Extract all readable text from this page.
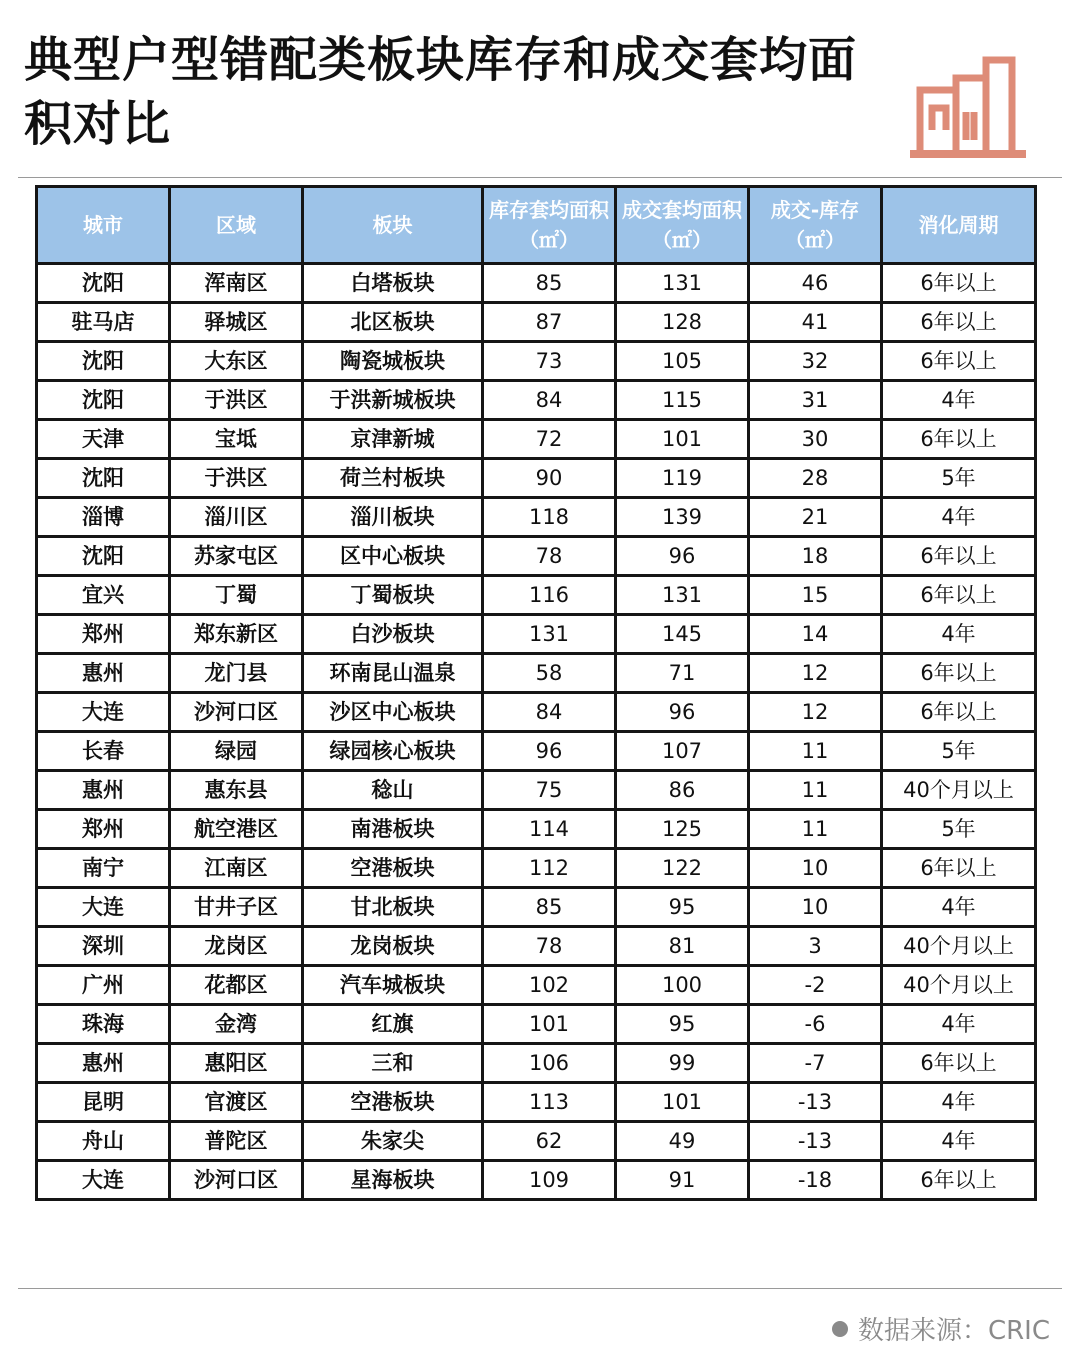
典型户型错配类板块库存和成交套均面积对比
城市	区域	板块	库存套均面积（㎡）	成交套均面积（㎡）	成交-库存（㎡）	消化周期
沈阳	浑南区	白塔板块	85	131	46	6年以上
驻马店	驿城区	北区板块	87	128	41	6年以上
沈阳	大东区	陶瓷城板块	73	105	32	6年以上
沈阳	于洪区	于洪新城板块	84	115	31	4年
天津	宝坻	京津新城	72	101	30	6年以上
沈阳	于洪区	荷兰村板块	90	119	28	5年
淄博	淄川区	淄川板块	118	139	21	4年
沈阳	苏家屯区	区中心板块	78	96	18	6年以上
宜兴	丁蜀	丁蜀板块	116	131	15	6年以上
郑州	郑东新区	白沙板块	131	145	14	4年
惠州	龙门县	环南昆山温泉	58	71	12	6年以上
大连	沙河口区	沙区中心板块	84	96	12	6年以上
长春	绿园	绿园核心板块	96	107	11	5年
惠州	惠东县	稔山	75	86	11	40个月以上
郑州	航空港区	南港板块	114	125	11	5年
南宁	江南区	空港板块	112	122	10	6年以上
大连	甘井子区	甘北板块	85	95	10	4年
深圳	龙岗区	龙岗板块	78	81	3	40个月以上
广州	花都区	汽车城板块	102	100	-2	40个月以上
珠海	金湾	红旗	101	95	-6	4年
惠州	惠阳区	三和	106	99	-7	6年以上
昆明	官渡区	空港板块	113	101	-13	4年
舟山	普陀区	朱家尖	62	49	-13	4年
大连	沙河口区	星海板块	109	91	-18	6年以上
数据来源：CRIC
